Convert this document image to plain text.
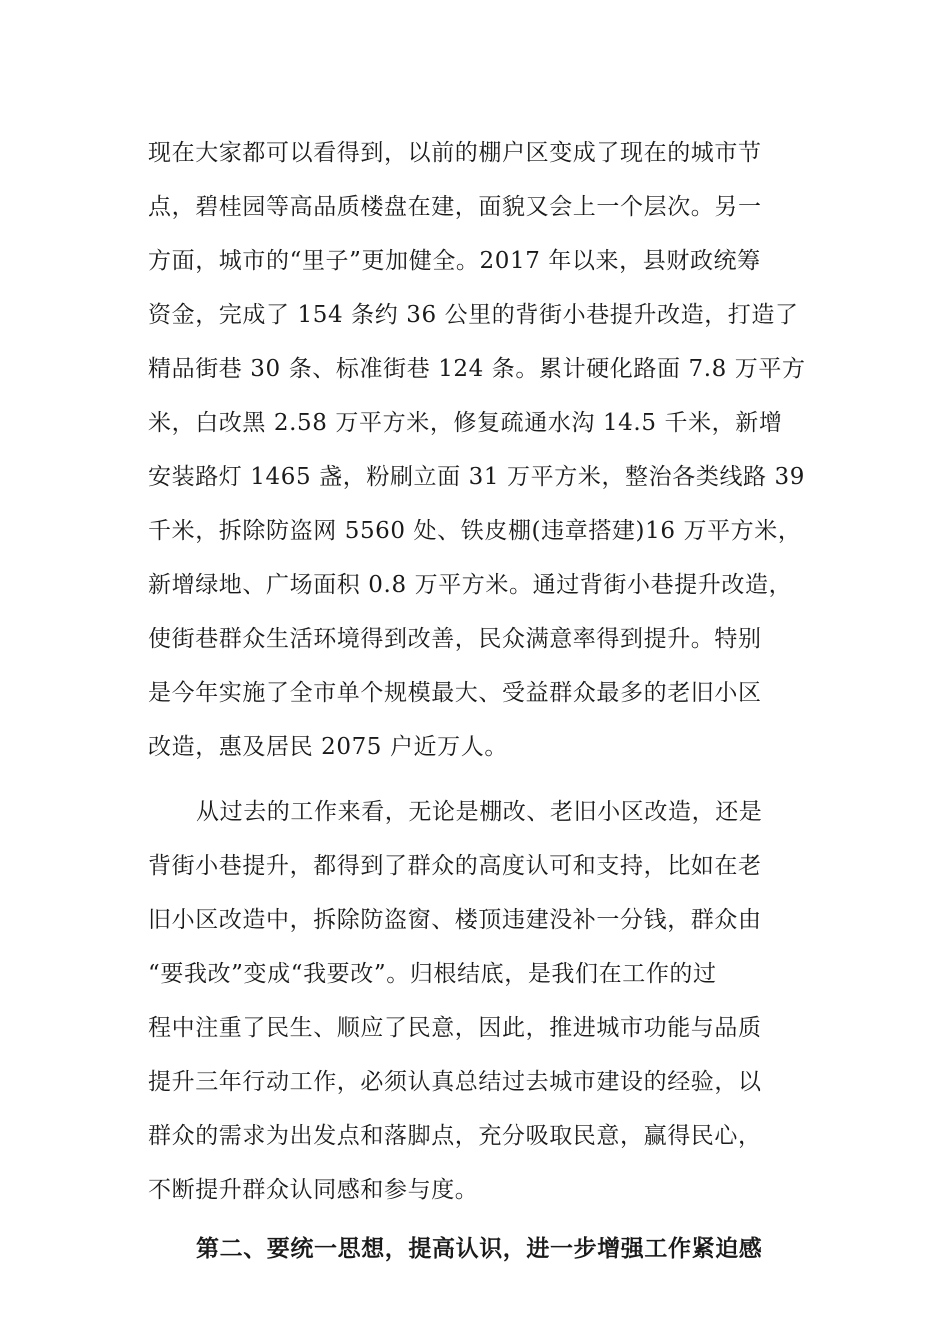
现在大家都可以看得到，以前的棚户区变成了现在的城市节
点，碧桂园等高品质楼盘在建，面貌又会上一个层次。另一
方面，城市的“里子”更加健全。2017 年以来，县财政统筹
资金，完成了 154 条约 36 公里的背街小巷提升改造，打造了
精品街巷 30 条、标准街巷 124 条。累计硬化路面 7.8 万平方
米，白改黑 2.58 万平方米，修复疏通水沟 14.5 千米，新增
安装路灯 1465 盏，粉刷立面 31 万平方米，整治各类线路 39
千米，拆除防盗网 5560 处、铁皮棚(违章搭建)16 万平方米，
新增绿地、广场面积 0.8 万平方米。通过背街小巷提升改造，
使街巷群众生活环境得到改善，民众满意率得到提升。特别
是今年实施了全市单个规模最大、受益群众最多的老旧小区
改造，惠及居民 2075 户近万人。
从过去的工作来看，无论是棚改、老旧小区改造，还是
背街小巷提升，都得到了群众的高度认可和支持，比如在老
旧小区改造中，拆除防盗窗、楼顶违建没补一分钱，群众由
“要我改”变成“我要改”。归根结底，是我们在工作的过
程中注重了民生、顺应了民意，因此，推进城市功能与品质
提升三年行动工作，必须认真总结过去城市建设的经验，以
群众的需求为出发点和落脚点，充分吸取民意，赢得民心，
不断提升群众认同感和参与度。
第二、要统一思想，提高认识，进一步增强工作紧迫感
